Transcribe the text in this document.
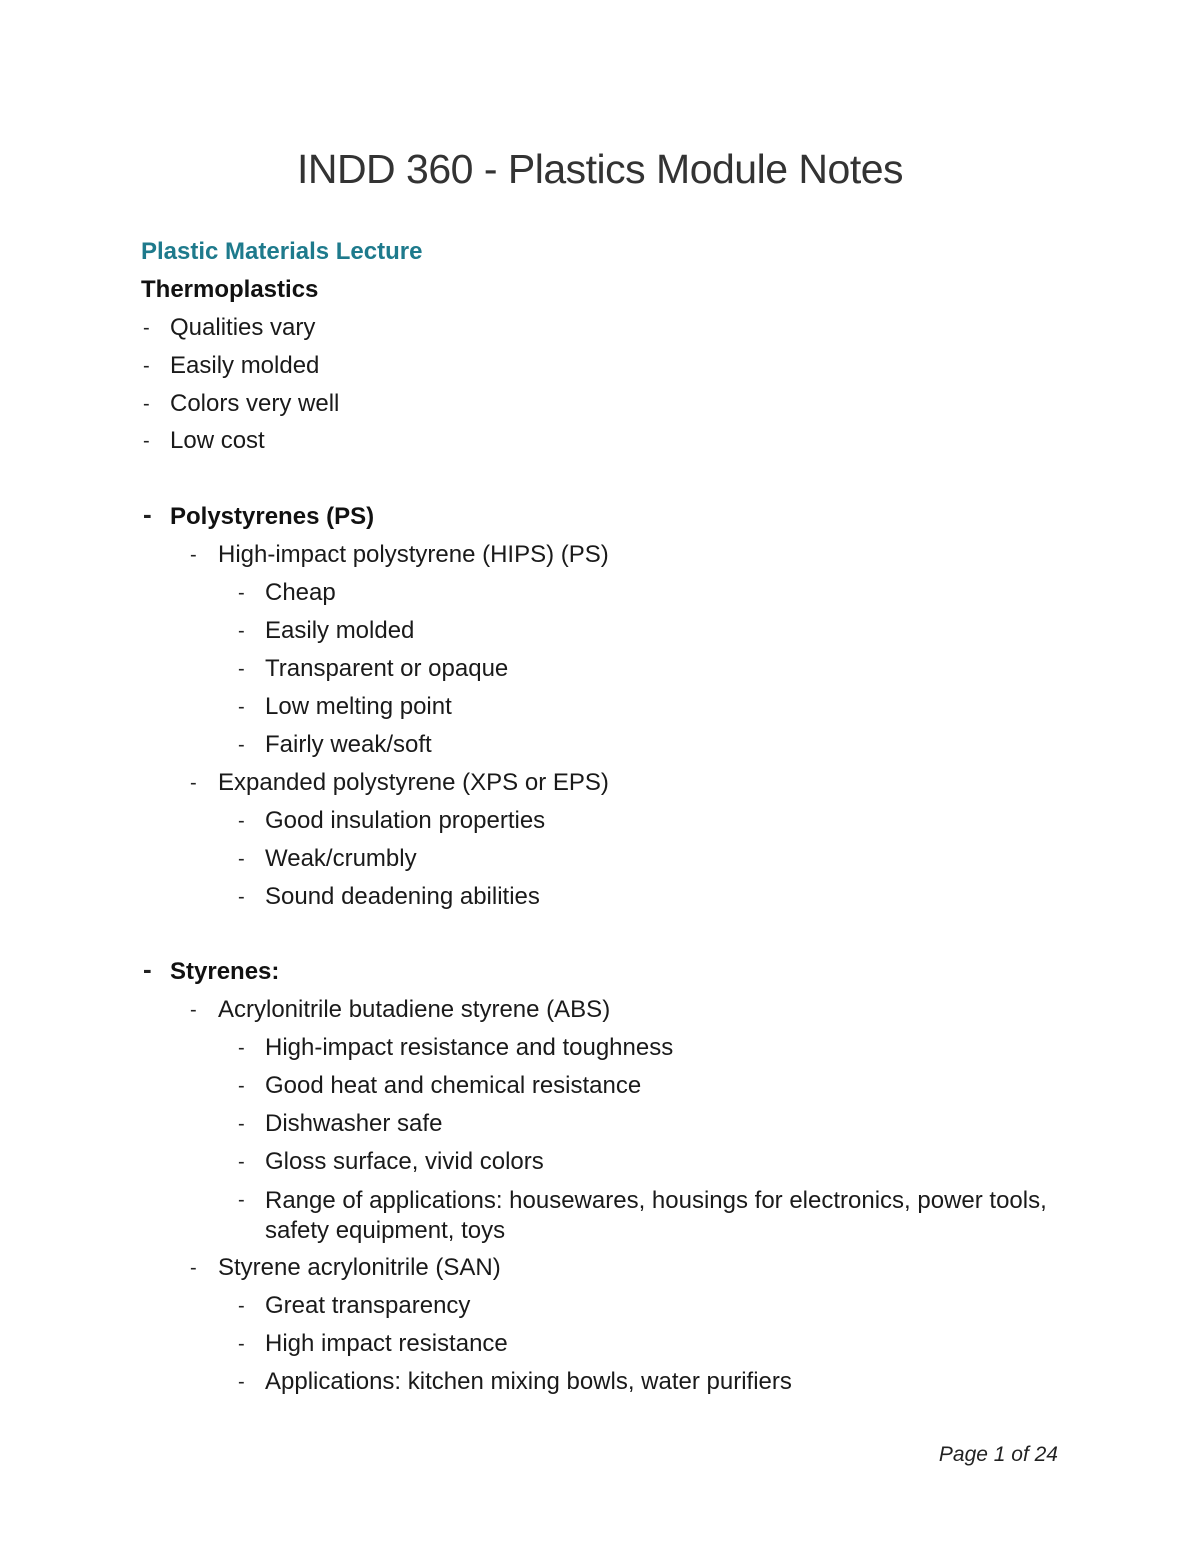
INDD 360 - Plastics Module Notes
Plastic Materials Lecture
Thermoplastics
- Qualities vary
- Easily molded
- Colors very well
- Low cost
- Polystyrenes (PS)
- High-impact polystyrene (HIPS) (PS)
- Cheap
- Easily molded
- Transparent or opaque
- Low melting point
- Fairly weak/soft
- Expanded polystyrene (XPS or EPS)
- Good insulation properties
- Weak/crumbly
- Sound deadening abilities
- Styrenes:
- Acrylonitrile butadiene styrene (ABS)
- High-impact resistance and toughness
- Good heat and chemical resistance
- Dishwasher safe
- Gloss surface, vivid colors
- Range of applications: housewares, housings for electronics, power tools, safety equipment, toys
- Styrene acrylonitrile (SAN)
- Great transparency
- High impact resistance
- Applications: kitchen mixing bowls, water purifiers
Page 1 of 24
